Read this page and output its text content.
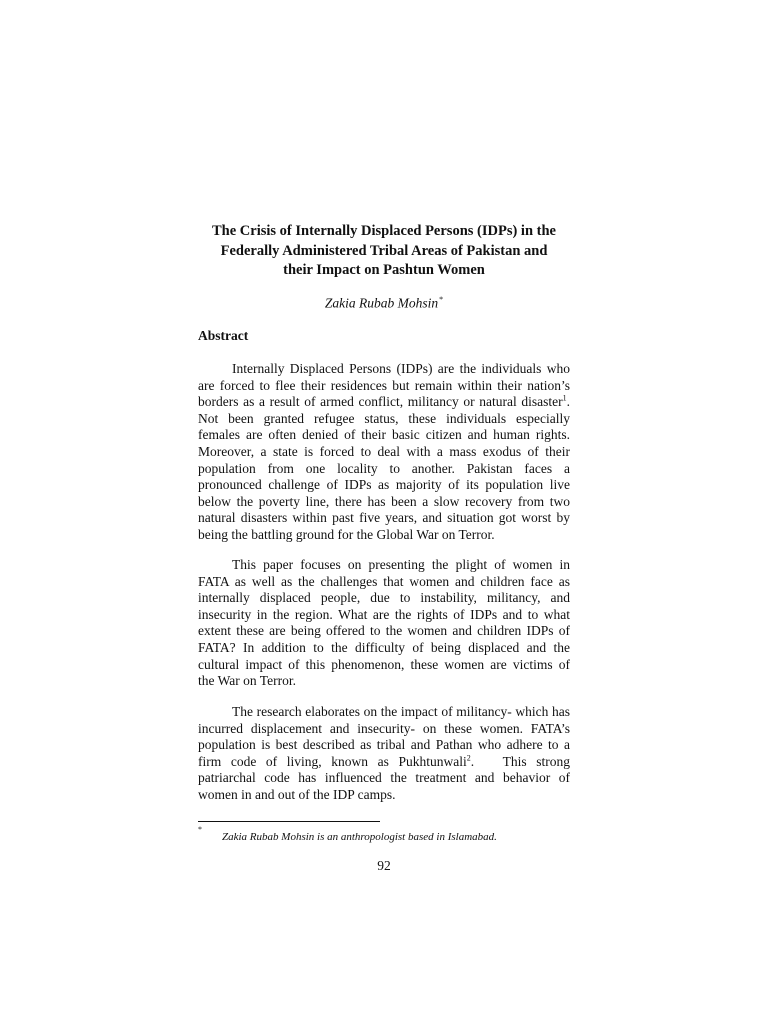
The Crisis of Internally Displaced Persons (IDPs) in the
Federally Administered Tribal Areas of Pakistan and
their Impact on Pashtun Women
Zakia Rubab Mohsin*
Abstract
Internally Displaced Persons (IDPs) are the individuals who
are forced to flee their residences but remain within their nation’s
borders as a result of armed conflict, militancy or natural disaster$^1$.
Not been granted refugee status, these individuals especially
females are often denied of their basic citizen and human rights.
Moreover, a state is forced to deal with a mass exodus of their
population from one locality to another. Pakistan faces a
pronounced challenge of IDPs as majority of its population live
below the poverty line, there has been a slow recovery from two
natural disasters within past five years, and situation got worst by
being the battling ground for the Global War on Terror.
This paper focuses on presenting the plight of women in
FATA as well as the challenges that women and children face as
internally displaced people, due to instability, militancy, and
insecurity in the region. What are the rights of IDPs and to what
extent these are being offered to the women and children IDPs of
FATA? In addition to the difficulty of being displaced and the
cultural impact of this phenomenon, these women are victims of
the War on Terror.
The research elaborates on the impact of militancy- which has
incurred displacement and insecurity- on these women. FATA’s
population is best described as tribal and Pathan who adhere to a
firm code of living, known as Pukhtunwali$^2$.   This strong
patriarchal code has influenced the treatment and behavior of
women in and out of the IDP camps.
*
Zakia Rubab Mohsin is an anthropologist based in Islamabad.
92
